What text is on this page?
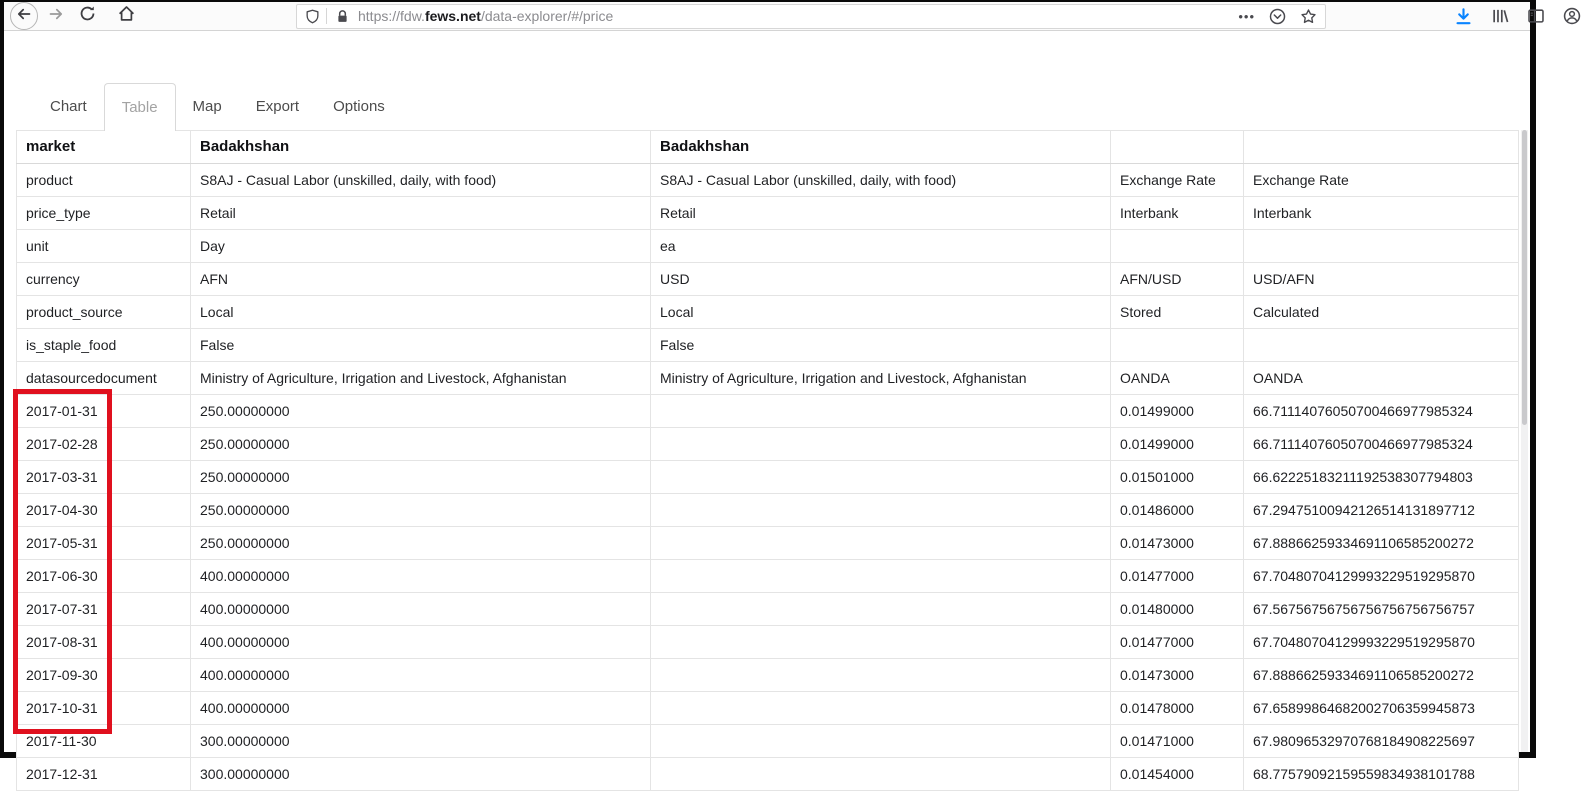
https://fdw.fews.net/data-explorer/#/price	•••
Chart	Table	Map	Export	Options
market	Badakhshan	Badakhshan		
product	S8AJ - Casual Labor (unskilled, daily, with food)	S8AJ - Casual Labor (unskilled, daily, with food)	Exchange Rate	Exchange Rate
price_type	Retail	Retail	Interbank	Interbank
unit	Day	ea		
currency	AFN	USD	AFN/USD	USD/AFN
product_source	Local	Local	Stored	Calculated
is_staple_food	False	False		
datasourcedocument	Ministry of Agriculture, Irrigation and Livestock, Afghanistan	Ministry of Agriculture, Irrigation and Livestock, Afghanistan	OANDA	OANDA
2017-01-31	250.00000000		0.01499000	66.71114076050700466977985324
2017-02-28	250.00000000		0.01499000	66.71114076050700466977985324
2017-03-31	250.00000000		0.01501000	66.62225183211192538307794803
2017-04-30	250.00000000		0.01486000	67.29475100942126514131897712
2017-05-31	250.00000000		0.01473000	67.88866259334691106585200272
2017-06-30	400.00000000		0.01477000	67.70480704129993229519295870
2017-07-31	400.00000000		0.01480000	67.56756756756756756756756757
2017-08-31	400.00000000		0.01477000	67.70480704129993229519295870
2017-09-30	400.00000000		0.01473000	67.88866259334691106585200272
2017-10-31	400.00000000		0.01478000	67.65899864682002706359945873
2017-11-30	300.00000000		0.01471000	67.98096532970768184908225697
2017-12-31	300.00000000		0.01454000	68.77579092159559834938101788
